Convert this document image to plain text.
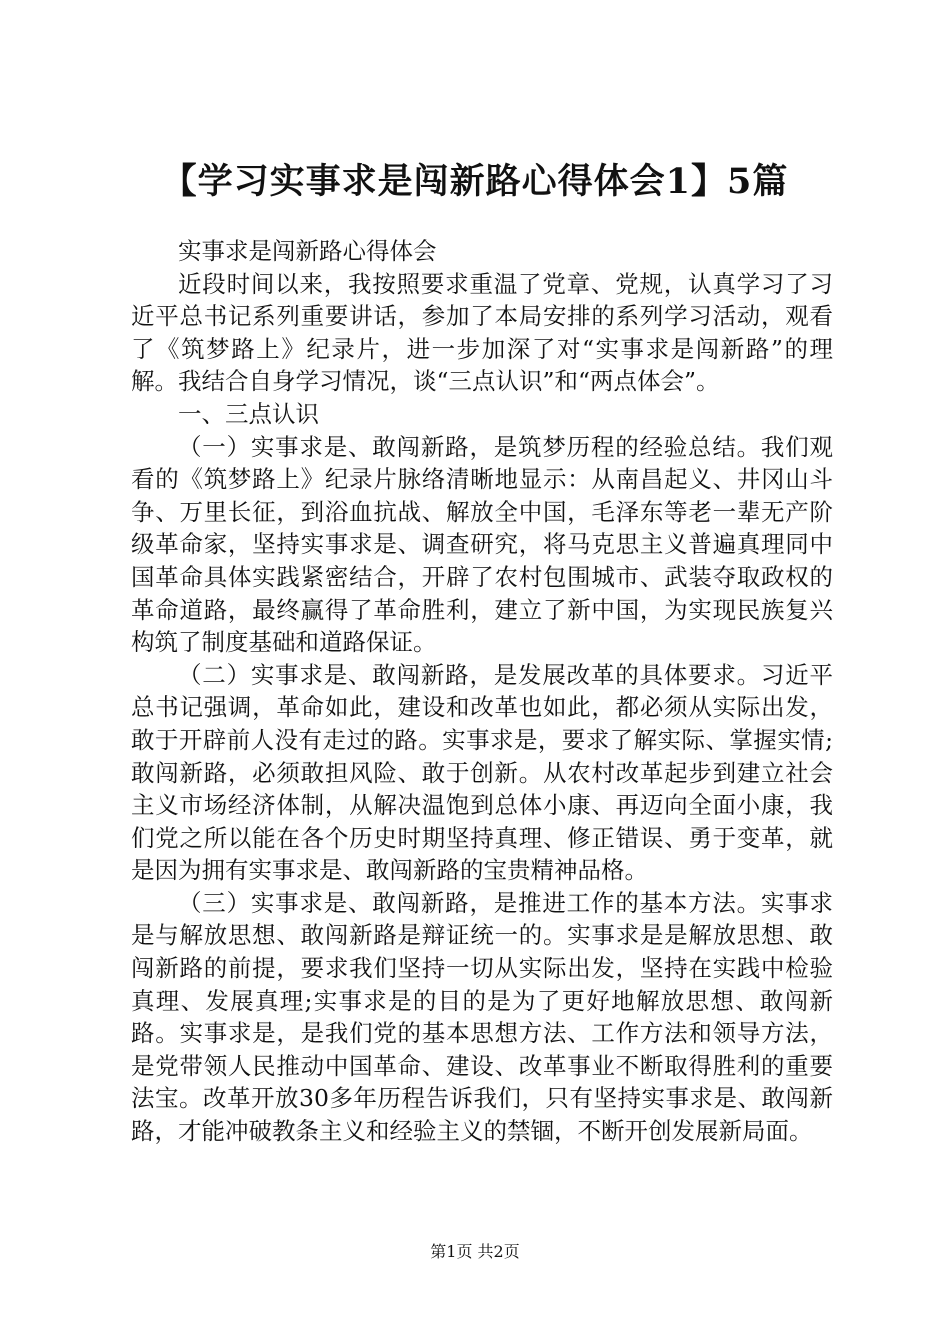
【学习实事求是闯新路心得体会1】5篇

实事求是闯新路心得体会

近段时间以来，我按照要求重温了党章、党规，认真学习了习近平总书记系列重要讲话，参加了本局安排的系列学习活动，观看了《筑梦路上》纪录片，进一步加深了对“实事求是闯新路”的理解。我结合自身学习情况，谈“三点认识”和“两点体会”。

一、三点认识

（一）实事求是、敢闯新路，是筑梦历程的经验总结。我们观看的《筑梦路上》纪录片脉络清晰地显示：从南昌起义、井冈山斗争、万里长征，到浴血抗战、解放全中国，毛泽东等老一辈无产阶级革命家，坚持实事求是、调查研究，将马克思主义普遍真理同中国革命具体实践紧密结合，开辟了农村包围城市、武装夺取政权的革命道路，最终赢得了革命胜利，建立了新中国，为实现民族复兴构筑了制度基础和道路保证。

（二）实事求是、敢闯新路，是发展改革的具体要求。习近平总书记强调，革命如此，建设和改革也如此，都必须从实际出发，敢于开辟前人没有走过的路。实事求是，要求了解实际、掌握实情;敢闯新路，必须敢担风险、敢于创新。从农村改革起步到建立社会主义市场经济体制，从解决温饱到总体小康、再迈向全面小康，我们党之所以能在各个历史时期坚持真理、修正错误、勇于变革，就是因为拥有实事求是、敢闯新路的宝贵精神品格。

（三）实事求是、敢闯新路，是推进工作的基本方法。实事求是与解放思想、敢闯新路是辩证统一的。实事求是是解放思想、敢闯新路的前提，要求我们坚持一切从实际出发，坚持在实践中检验真理、发展真理;实事求是的目的是为了更好地解放思想、敢闯新路。实事求是，是我们党的基本思想方法、工作方法和领导方法，是党带领人民推动中国革命、建设、改革事业不断取得胜利的重要法宝。改革开放30多年历程告诉我们，只有坚持实事求是、敢闯新路，才能冲破教条主义和经验主义的禁锢，不断开创发展新局面。

第1页 共2页
